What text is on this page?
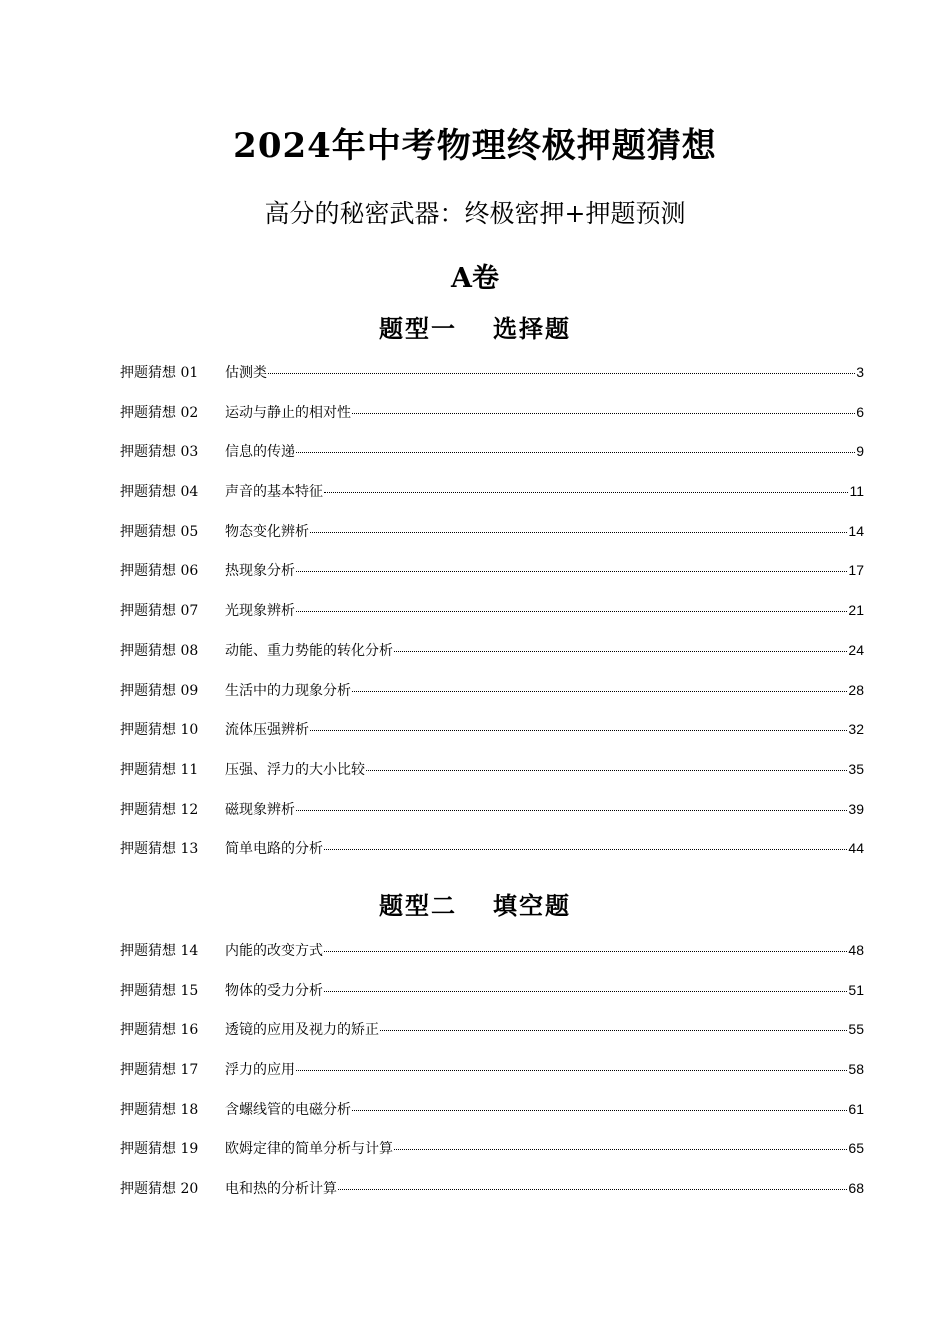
2024年中考物理终极押题猜想
高分的秘密武器：终极密押+押题预测
A卷
题型一 选择题
押题猜想 01	估测类	3
押题猜想 02	运动与静止的相对性	6
押题猜想 03	信息的传递	9
押题猜想 04	声音的基本特征	11
押题猜想 05	物态变化辨析	14
押题猜想 06	热现象分析	17
押题猜想 07	光现象辨析	21
押题猜想 08	动能、重力势能的转化分析	24
押题猜想 09	生活中的力现象分析	28
押题猜想 10	流体压强辨析	32
押题猜想 11	压强、浮力的大小比较	35
押题猜想 12	磁现象辨析	39
押题猜想 13	简单电路的分析	44
题型二 填空题
押题猜想 14	内能的改变方式	48
押题猜想 15	物体的受力分析	51
押题猜想 16	透镜的应用及视力的矫正	55
押题猜想 17	浮力的应用	58
押题猜想 18	含螺线管的电磁分析	61
押题猜想 19	欧姆定律的简单分析与计算	65
押题猜想 20	电和热的分析计算	68
